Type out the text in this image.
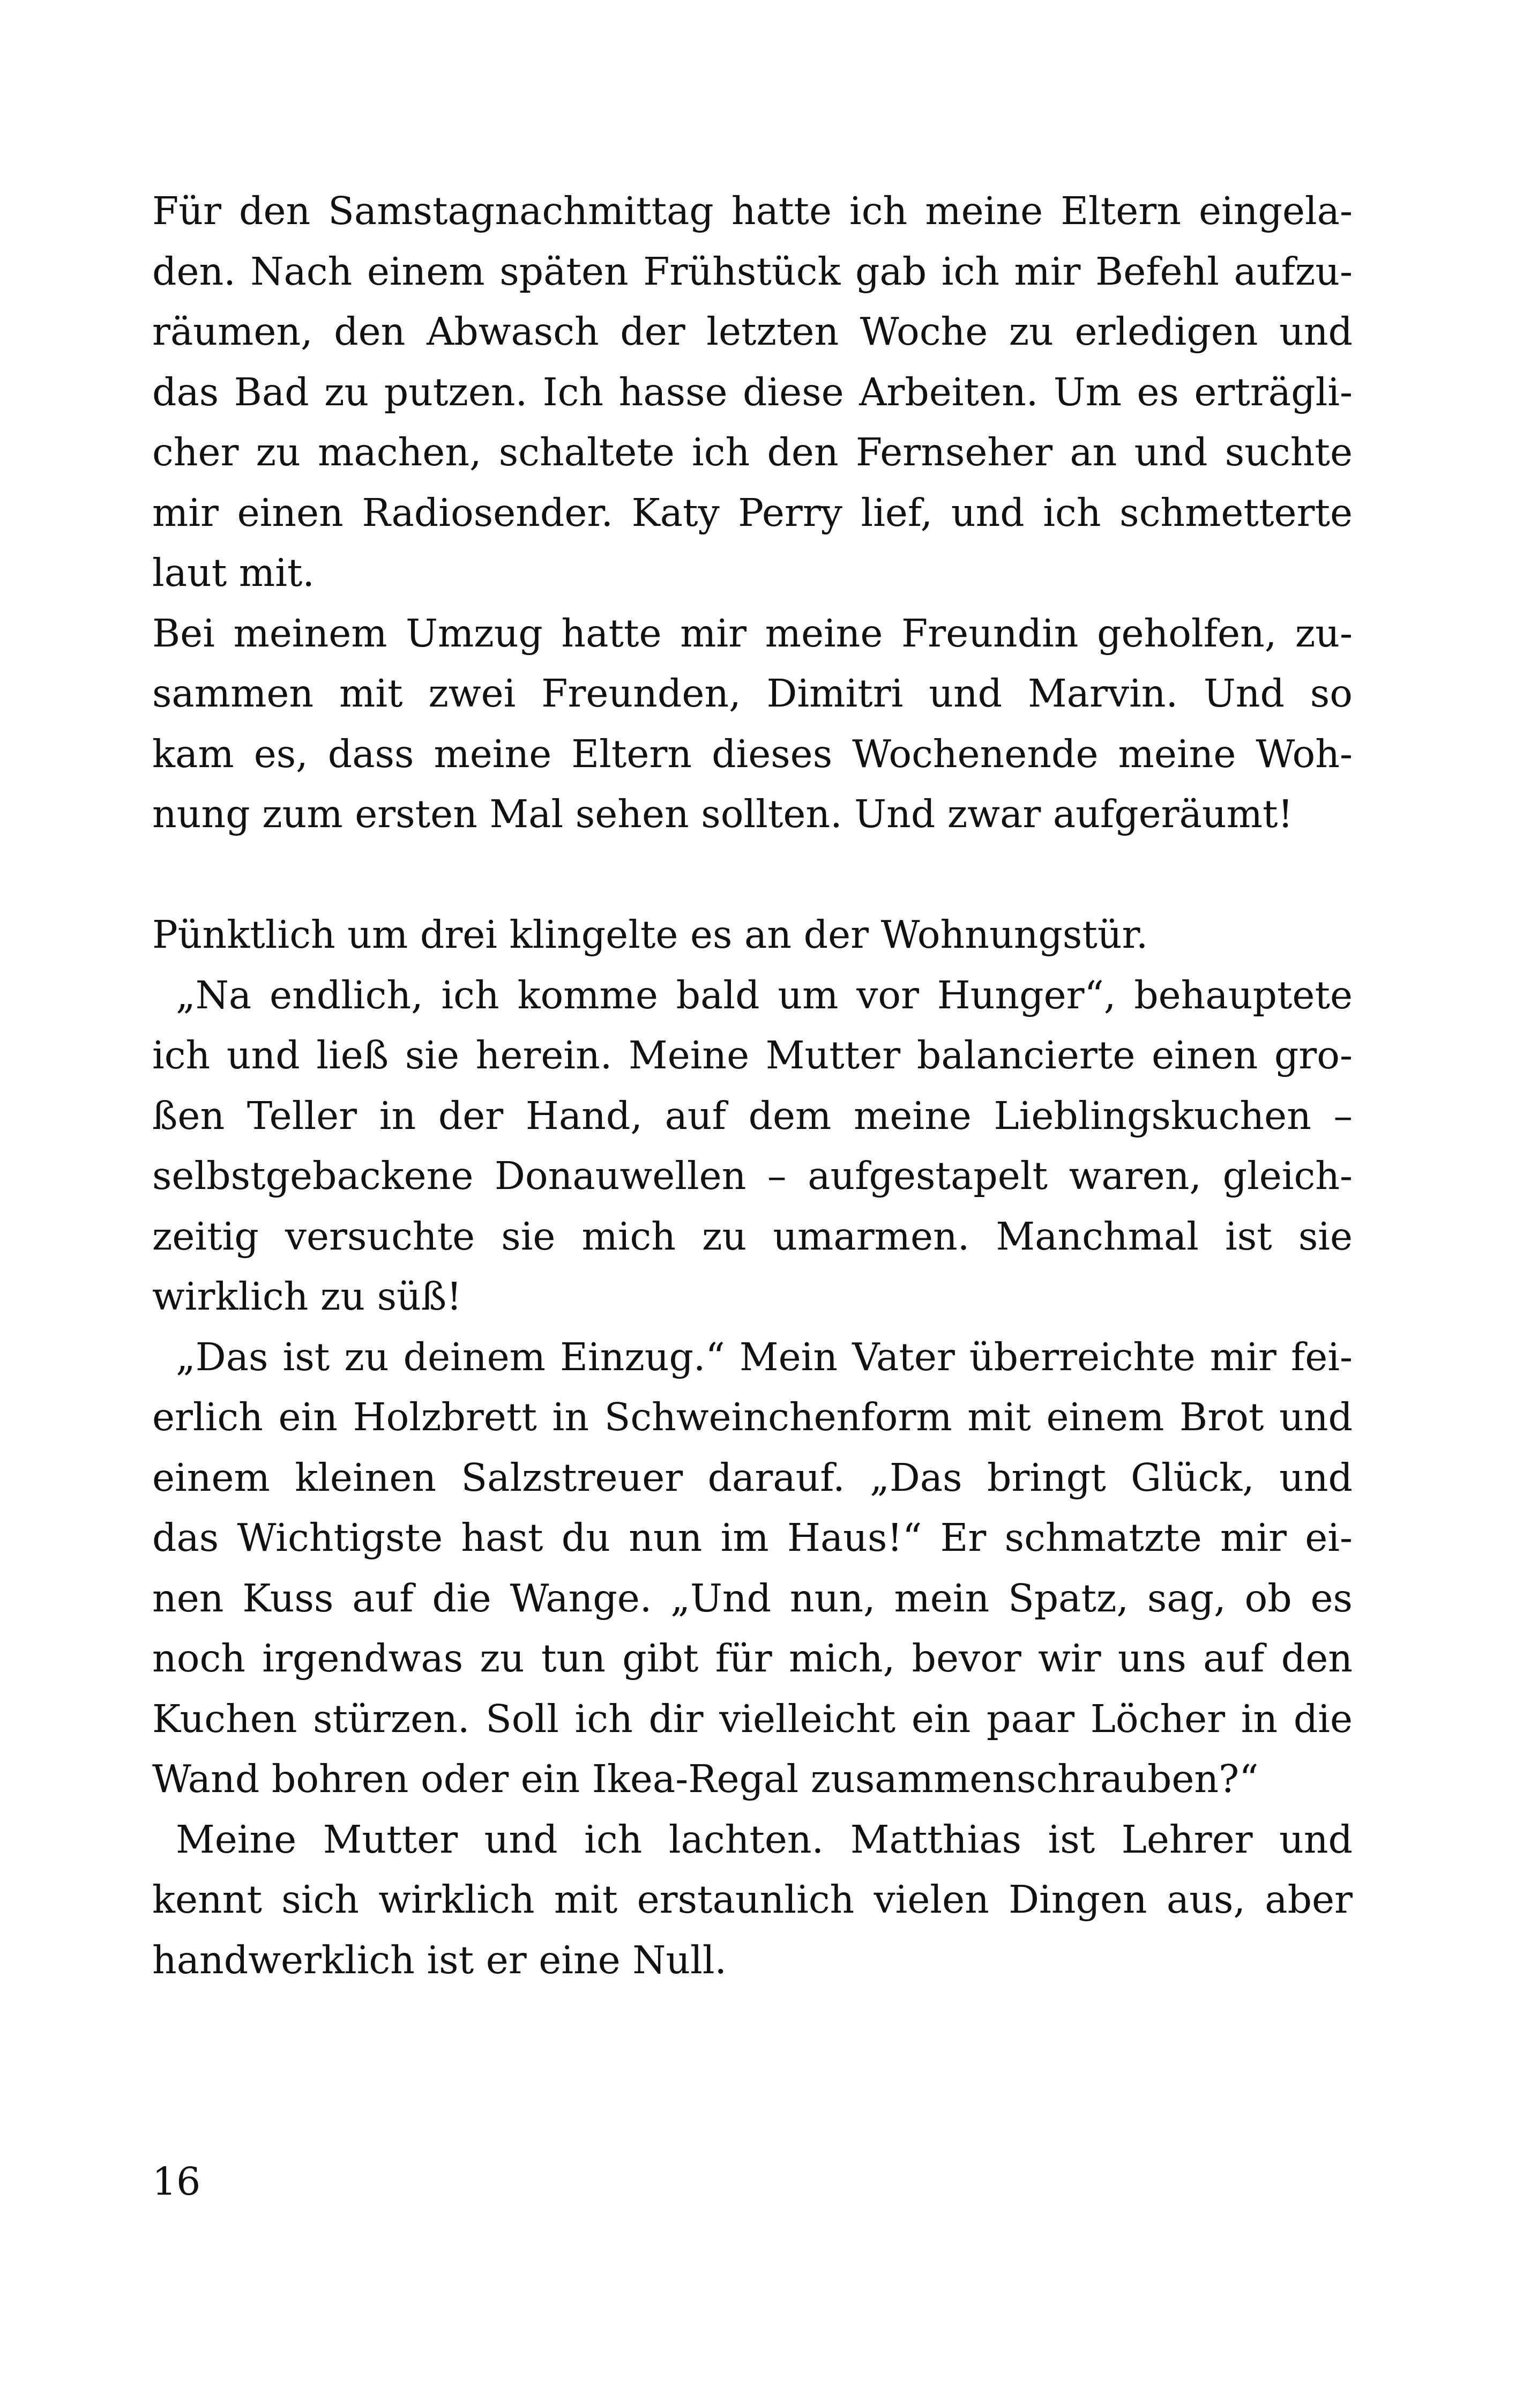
Für den Samstagnachmittag hatte ich meine Eltern eingela-
den. Nach einem späten Frühstück gab ich mir Befehl aufzu-
räumen, den Abwasch der letzten Woche zu erledigen und
das Bad zu putzen. Ich hasse diese Arbeiten. Um es erträgli-
cher zu machen, schaltete ich den Fernseher an und suchte
mir einen Radiosender. Katy Perry lief, und ich schmetterte
laut mit.
Bei meinem Umzug hatte mir meine Freundin geholfen, zu-
sammen mit zwei Freunden, Dimitri und Marvin. Und so
kam es, dass meine Eltern dieses Wochenende meine Woh-
nung zum ersten Mal sehen sollten. Und zwar aufgeräumt!
Pünktlich um drei klingelte es an der Wohnungstür.
„Na endlich, ich komme bald um vor Hunger“, behauptete
ich und ließ sie herein. Meine Mutter balancierte einen gro-
ßen Teller in der Hand, auf dem meine Lieblingskuchen –
selbstgebackene Donauwellen – aufgestapelt waren, gleich-
zeitig versuchte sie mich zu umarmen. Manchmal ist sie
wirklich zu süß!
„Das ist zu deinem Einzug.“ Mein Vater überreichte mir fei-
erlich ein Holzbrett in Schweinchenform mit einem Brot und
einem kleinen Salzstreuer darauf. „Das bringt Glück, und
das Wichtigste hast du nun im Haus!“ Er schmatzte mir ei-
nen Kuss auf die Wange. „Und nun, mein Spatz, sag, ob es
noch irgendwas zu tun gibt für mich, bevor wir uns auf den
Kuchen stürzen. Soll ich dir vielleicht ein paar Löcher in die
Wand bohren oder ein Ikea-Regal zusammenschrauben?“
Meine Mutter und ich lachten. Matthias ist Lehrer und
kennt sich wirklich mit erstaunlich vielen Dingen aus, aber
handwerklich ist er eine Null.
16
